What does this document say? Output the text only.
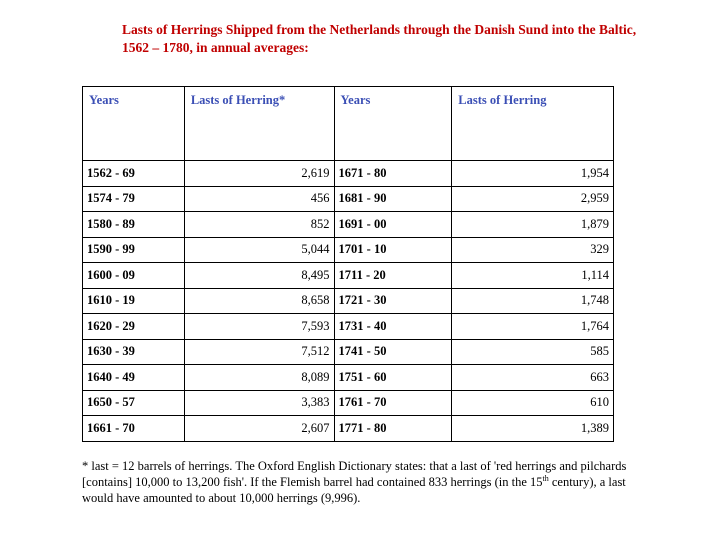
Lasts of Herrings Shipped from the Netherlands through the Danish Sund into the Baltic, 1562 – 1780, in annual averages:

Years	Lasts of Herring*	Years	Lasts of Herring
1562 - 69	2,619	1671 - 80	1,954
1574 - 79	456	1681 - 90	2,959
1580 - 89	852	1691 - 00	1,879
1590 - 99	5,044	1701 - 10	329
1600 - 09	8,495	1711 - 20	1,114
1610 - 19	8,658	1721 - 30	1,748
1620 - 29	7,593	1731 - 40	1,764
1630 - 39	7,512	1741 - 50	585
1640 - 49	8,089	1751 - 60	663
1650 - 57	3,383	1761 - 70	610
1661 - 70	2,607	1771 - 80	1,389

* last = 12 barrels of herrings. The Oxford English Dictionary states: that a last of 'red herrings and pilchards [contains] 10,000 to 13,200 fish'. If the Flemish barrel had contained 833 herrings (in the 15th century), a last would have amounted to about 10,000 herrings (9,996).
